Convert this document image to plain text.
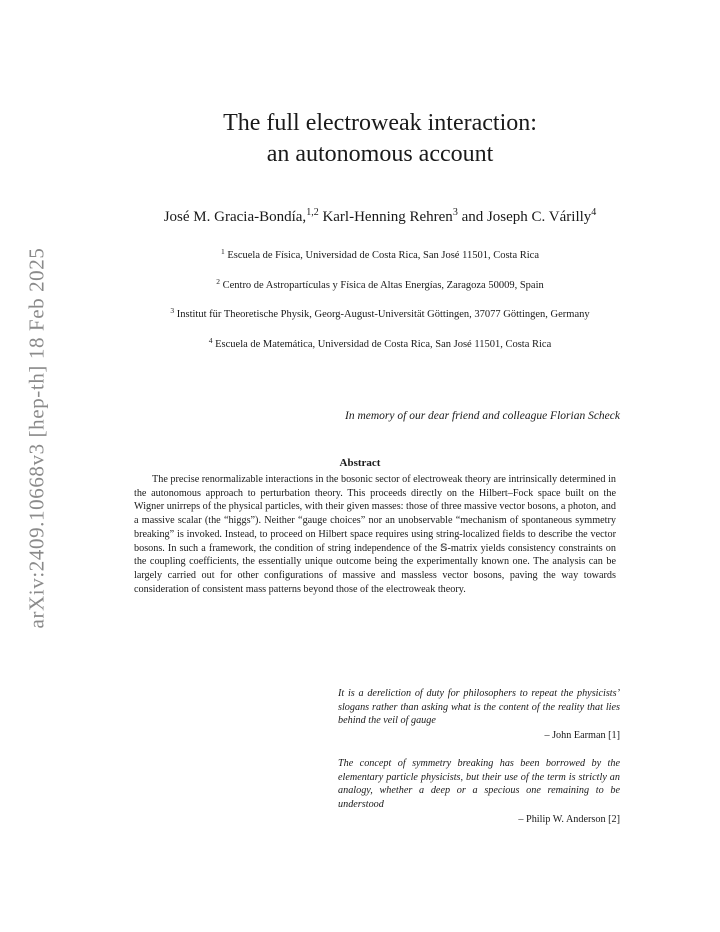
arXiv:2409.10668v3 [hep-th] 18 Feb 2025
The full electroweak interaction:
an autonomous account
José M. Gracia-Bondía,$^{1,2}$ Karl-Henning Rehren$^3$ and Joseph C. Várilly$^4$
$^1$ Escuela de Física, Universidad de Costa Rica, San José 11501, Costa Rica
$^2$ Centro de Astropartículas y Física de Altas Energías, Zaragoza 50009, Spain
$^3$ Institut für Theoretische Physik, Georg-August-Universität Göttingen, 37077 Göttingen, Germany
$^4$ Escuela de Matemática, Universidad de Costa Rica, San José 11501, Costa Rica
In memory of our dear friend and colleague Florian Scheck
Abstract
The precise renormalizable interactions in the bosonic sector of electroweak theory are intrinsically determined in the autonomous approach to perturbation theory. This proceeds directly on the Hilbert–Fock space built on the Wigner unirreps of the physical particles, with their given masses: those of three massive vector bosons, a photon, and a massive scalar (the “higgs”). Neither “gauge choices” nor an unobservable “mechanism of spontaneous symmetry breaking” is invoked. Instead, to proceed on Hilbert space requires using string-localized fields to describe the vector bosons. In such a framework, the condition of string independence of the 𝕊-matrix yields consistency constraints on the coupling coefficients, the essentially unique outcome being the experimentally known one. The analysis can be largely carried out for other configurations of massive and massless vector bosons, paving the way towards consideration of consistent mass patterns beyond those of the electroweak theory.
It is a dereliction of duty for philosophers to repeat the physicists’ slogans rather than asking what is the content of the reality that lies behind the veil of gauge
– John Earman [1]
The concept of symmetry breaking has been borrowed by the elementary particle physicists, but their use of the term is strictly an analogy, whether a deep or a specious one remaining to be understood
– Philip W. Anderson [2]
